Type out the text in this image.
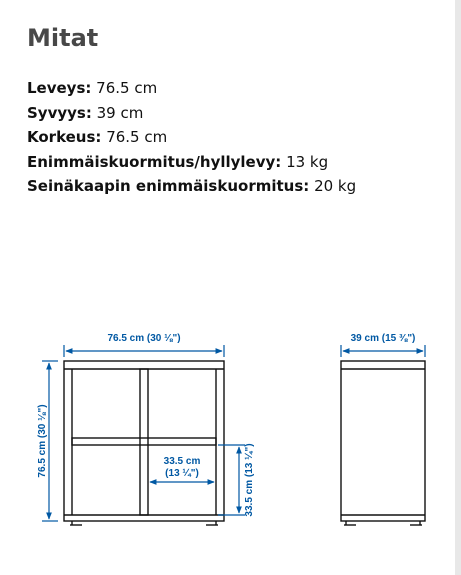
Mitat
Leveys: 76.5 cm
Syvyys: 39 cm
Korkeus: 76.5 cm
Enimmäiskuormitus/hyllylevy: 13 kg
Seinäkaapin enimmäiskuormitus: 20 kg
76.5 cm (30 ⅛")
76.5 cm (30 ⅛")	33.5 cm
(13 ¼")	33.5 cm (13 ¼")
39 cm (15 ⅜")
